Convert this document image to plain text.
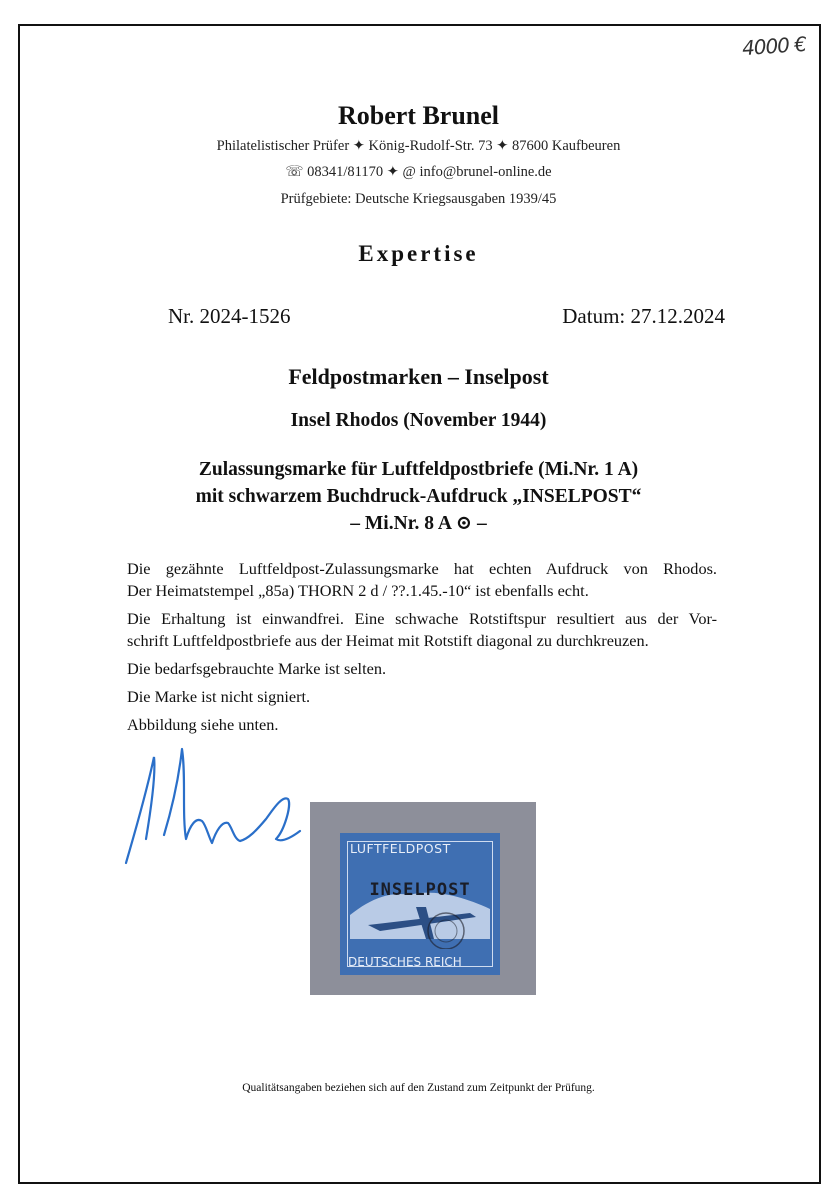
4000 €
Robert Brunel
Philatelistischer Prüfer ✦ König-Rudolf-Str. 73 ✦ 87600 Kaufbeuren
☏ 08341/81170 ✦ @ info@brunel-online.de
Prüfgebiete: Deutsche Kriegsausgaben 1939/45
Expertise
Nr. 2024-1526	Datum: 27.12.2024
Feldpostmarken – Inselpost
Insel Rhodos (November 1944)
Zulassungsmarke für Luftfeldpostbriefe (Mi.Nr. 1 A)
mit schwarzem Buchdruck-Aufdruck „INSELPOST“
– Mi.Nr. 8 A ⊙ –

Die gezähnte Luftfeldpost-Zulassungsmarke hat echten Aufdruck von Rhodos.
Der Heimatstempel „85a) THORN 2 d / ??.1.45.-10“ ist ebenfalls echt.

Die Erhaltung ist einwandfrei. Eine schwache Rotstiftspur resultiert aus der Vor-
schrift Luftfeldpostbriefe aus der Heimat mit Rotstift diagonal zu durchkreuzen.

Die bedarfsgebrauchte Marke ist selten.

Die Marke ist nicht signiert.

Abbildung siehe unten.

LUFTFELDPOST
INSELPOST
DEUTSCHES REICH
Qualitätsangaben beziehen sich auf den Zustand zum Zeitpunkt der Prüfung.
